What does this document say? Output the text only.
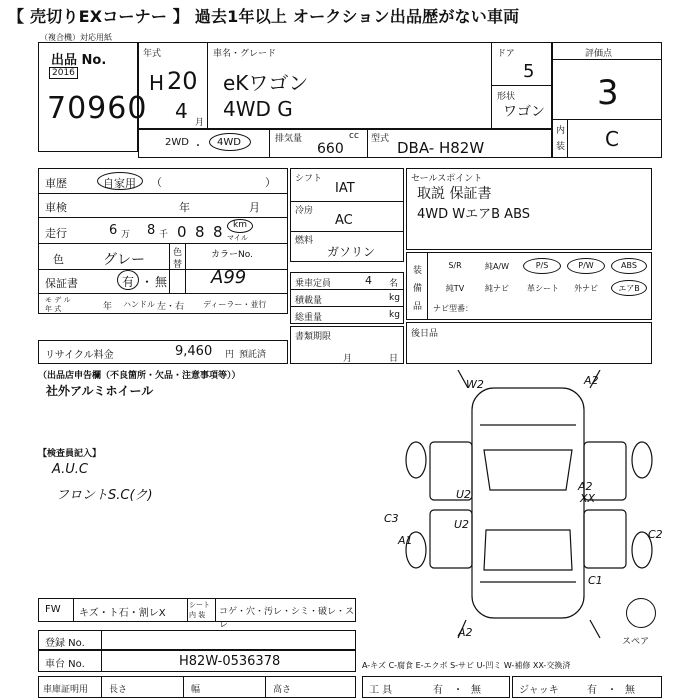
【 売切りEXコーナー 】 過去1年以上 オークション出品歴がない車両
（複合機）対応用紙
出品 No.
2016
70960
年式
H 20
4 月
車名・グレード
eKワゴン
4WD G
ドア
5
形状
ワゴン
2WD ・ 4WD	排気量	cc
660
型式 DBA- H82W
評価点
3
内
装 C
車歴	自家用 （	）
車検	年	月
走行	6 万 8 千 0 8 8 km
マイル
色	グレー	色
替
カラーNo.
A99
保証書	有 ・ 無
モ デ ル
年 式	年 ハンドル 左・右 ディーラー・並行
リサイクル料金	9,460 円 預託済
シフト
IAT
冷房
AC
燃料
ガソリン
乗車定員	4 名
積載量	kg
総重量	kg
書類期限
月	日
セールスポイント
取説 保証書
4WD WエアB ABS
装
備
品
S/R	純A/W	P/S	P/W	ABS
純TV	純ナビ	革シート	外ナビ	エアB
ナビ型番：
後日品
（出品店申告欄（不良箇所・欠品・注意事項等））
社外アルミホイール
【検査員記入】
A.U.C
フロントS.C(ク)
W2	A2
U2
A2
XX
U2
C3
A1	C2
C1
A2
スペア
FW キズ・ト石・割レX
シート
内 装 コゲ・穴・汚レ・シミ・破レ・スレ
登録 No.
車台 No.	H82W-0536378	A-キズ C-腐食 E-エクボ S-サビ U-凹ミ W-補修 XX-交換済
車庫証明用 長さ	幅	高さ	工 具	有 ・ 無	ジャッキ	有 ・ 無
